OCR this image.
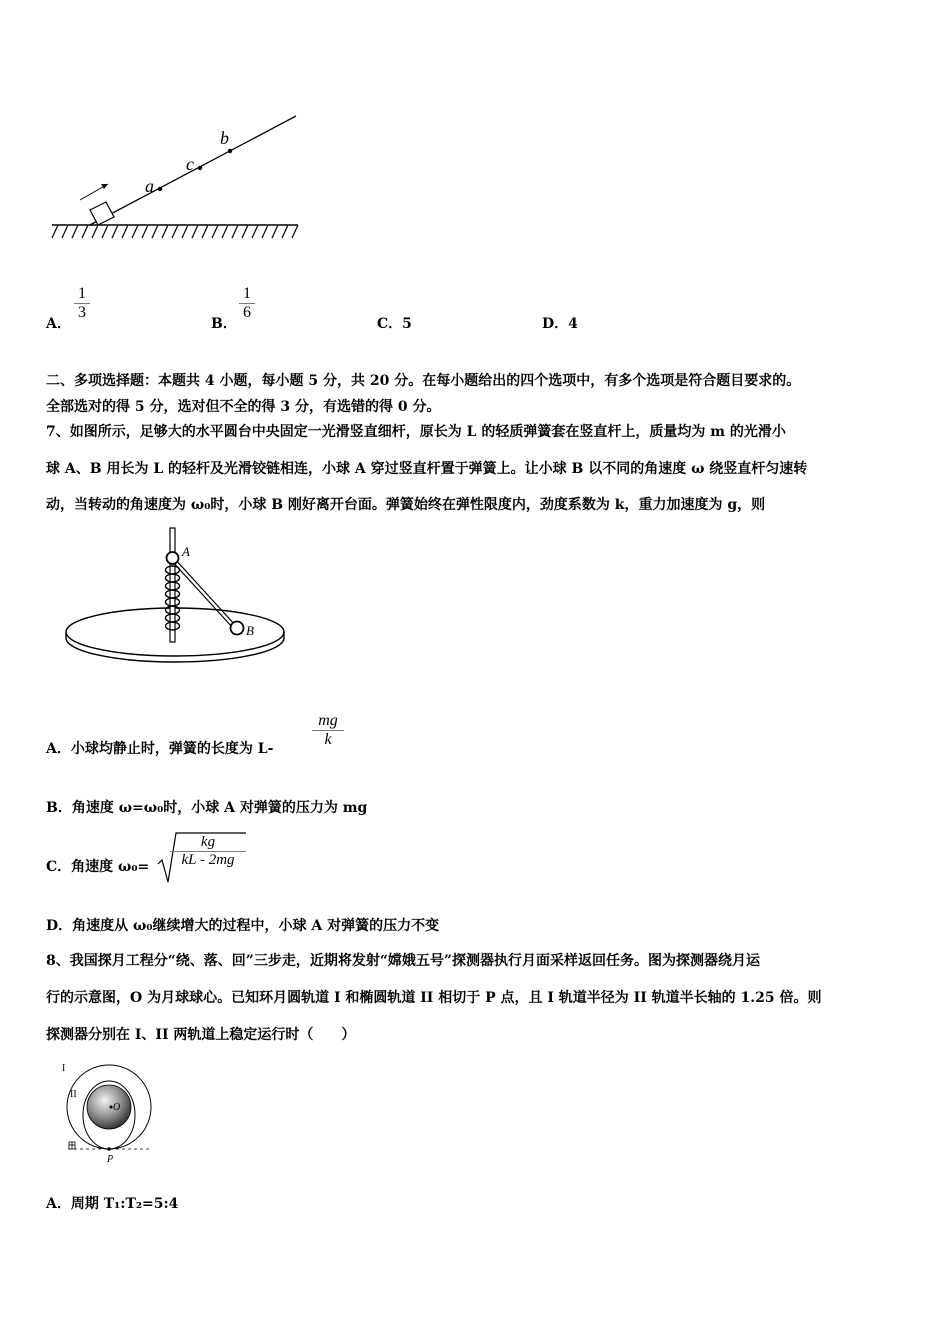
a
b
c
A．
1
3
B．
1
6
C．5	D．4
二、多项选择题：本题共 4 小题，每小题 5 分，共 20 分。在每小题给出的四个选项中，有多个选项是符合题目要求的。
全部选对的得 5 分，选对但不全的得 3 分，有选错的得 0 分。
7、如图所示，足够大的水平圆台中央固定一光滑竖直细杆，原长为 L 的轻质弹簧套在竖直杆上，质量均为 m 的光滑小
球 A、B 用长为 L 的轻杆及光滑铰链相连，小球 A 穿过竖直杆置于弹簧上。让小球 B 以不同的角速度 ω 绕竖直杆匀速转
动，当转动的角速度为 ω₀时，小球 B 刚好离开台面。弹簧始终在弹性限度内，劲度系数为 k，重力加速度为 g，则
A
B
A．小球均静止时，弹簧的长度为 L-
mg
k
B．角速度 ω=ω₀时，小球 A 对弹簧的压力为 mg
C．角速度 ω₀=
kg
kL - 2mg
D．角速度从 ω₀继续增大的过程中，小球 A 对弹簧的压力不变
8、我国探月工程分“绕、落、回”三步走，近期将发射“嫦娥五号”探测器执行月面采样返回任务。图为探测器绕月运
行的示意图，O 为月球球心。已知环月圆轨道 I 和椭圆轨道 II 相切于 P 点，且 I 轨道半径为 II 轨道半长轴的 1.25 倍。则
探测器分别在 I、II 两轨道上稳定运行时（　　）
I
II
O
P
A．周期 T₁:T₂=5:4
